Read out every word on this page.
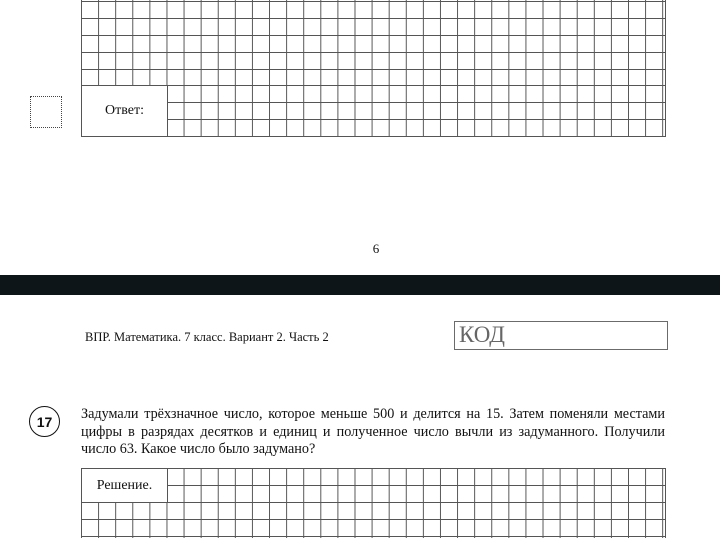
Ответ:
6
ВПР. Математика. 7 класс. Вариант 2. Часть 2	КОД
17 Задумали трёхзначное число, которое меньше 500 и делится на 15. Затем поменяли местами цифры в разрядах десятков и единиц и полученное число вычли из задуманного. Получили число 63. Какое число было задумано?
Решение.
